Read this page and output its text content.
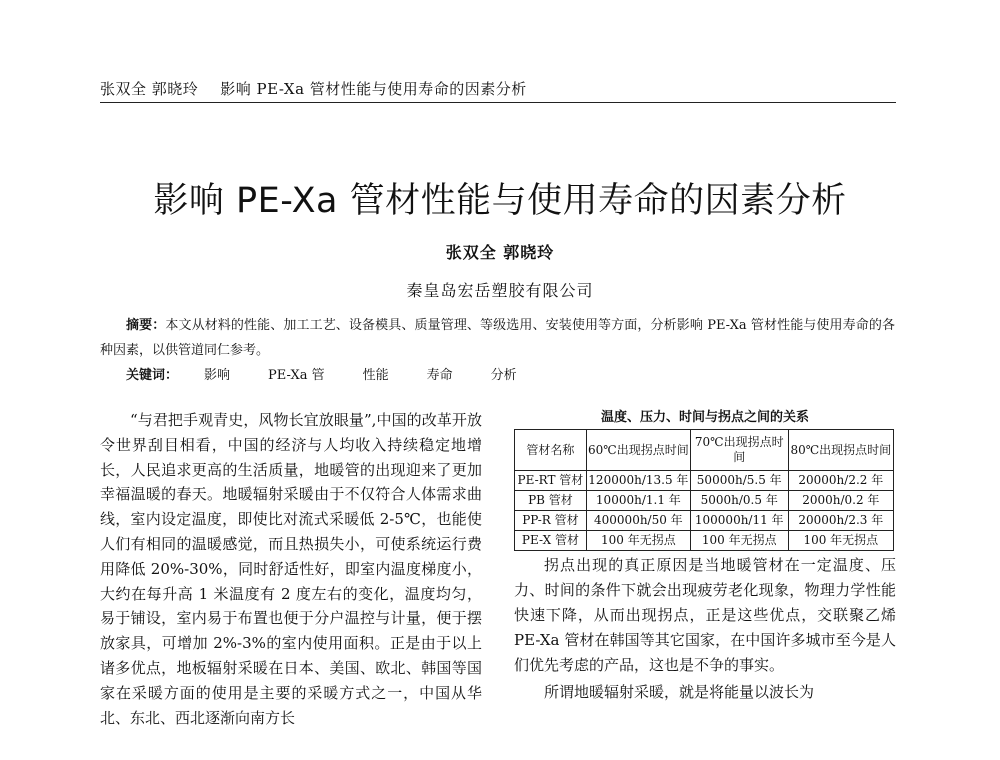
张双全 郭晓玲 影响 PE-Xa 管材性能与使用寿命的因素分析
影响 PE-Xa 管材性能与使用寿命的因素分析
张双全 郭晓玲
秦皇岛宏岳塑胶有限公司
摘要：本文从材料的性能、加工工艺、设备模具、质量管理、等级选用、安装使用等方面，分析影响 PE-Xa 管材性能与使用寿命的各种因素，以供管道同仁参考。
关键词： 影响	PE-Xa 管	性能	寿命	分析
“与君把手观青史，风物长宜放眼量”,中国的改革开放令世界刮目相看，中国的经济与人均收入持续稳定地增长，人民追求更高的生活质量，地暖管的出现迎来了更加幸福温暖的春天。地暖辐射采暖由于不仅符合人体需求曲线，室内设定温度，即使比对流式采暖低 2-5℃，也能使人们有相同的温暖感觉，而且热损失小，可使系统运行费用降低 20%-30%，同时舒适性好，即室内温度梯度小，大约在每升高 1 米温度有 2 度左右的变化，温度均匀，易于铺设，室内易于布置也便于分户温控与计量，便于摆放家具，可增加 2%-3%的室内使用面积。正是由于以上诸多优点，地板辐射采暖在日本、美国、欧北、韩国等国家在采暖方面的使用是主要的采暖方式之一，中国从华北、东北、西北逐渐向南方长
温度、压力、时间与拐点之间的关系
管材名称	60℃出现拐点时间	70℃出现拐点时间	80℃出现拐点时间
PE-RT 管材	120000h/13.5 年	50000h/5.5 年	20000h/2.2 年
PB 管材	10000h/1.1 年	5000h/0.5 年	2000h/0.2 年
PP-R 管材	400000h/50 年	100000h/11 年	20000h/2.3 年
PE-X 管材	100 年无拐点	100 年无拐点	100 年无拐点

拐点出现的真正原因是当地暖管材在一定温度、压力、时间的条件下就会出现疲劳老化现象，物理力学性能快速下降，从而出现拐点，正是这些优点，交联聚乙烯 PE-Xa 管材在韩国等其它国家，在中国许多城市至今是人们优先考虑的产品，这也是不争的事实。

所谓地暖辐射采暖，就是将能量以波长为
